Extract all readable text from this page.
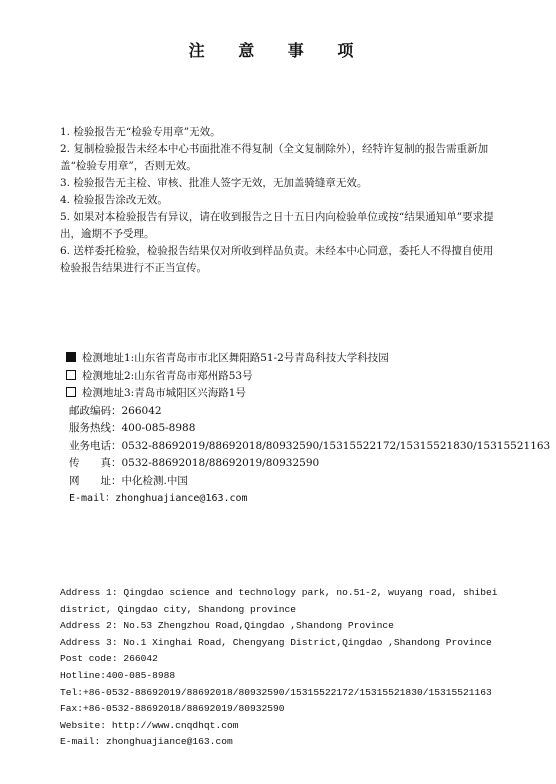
注 意 事 项

1. 检验报告无“检验专用章”无效。

2. 复制检验报告未经本中心书面批准不得复制（全文复制除外），经特许复制的报告需重新加盖“检验专用章”，否则无效。

3. 检验报告无主检、审核、批准人签字无效，无加盖骑缝章无效。

4. 检验报告涂改无效。

5. 如果对本检验报告有异议，请在收到报告之日十五日内向检验单位或按“结果通知单”要求提出，逾期不予受理。

6. 送样委托检验，检验报告结果仅对所收到样品负责。未经本中心同意，委托人不得擅自使用检验报告结果进行不正当宣传。

检测地址1:山东省青岛市市北区舞阳路51-2号青岛科技大学科技园
检测地址2:山东省青岛市郑州路53号
检测地址3:青岛市城阳区兴海路1号
邮政编码：266042
服务热线：400-085-8988
业务电话：0532-88692019/88692018/80932590/15315522172/15315521830/15315521163
传　　真：0532-88692018/88692019/80932590
网　　址：中化检测.中国
E-mail：zhonghuajiance@163.com
Address 1: Qingdao science and technology park, no.51-2, wuyang road, shibei
district, Qingdao city, Shandong province
Address 2: No.53 Zhengzhou Road,Qingdao ,Shandong Province
Address 3: No.1 Xinghai Road, Chengyang District,Qingdao ,Shandong Province
Post code: 266042
Hotline:400-085-8988
Tel:+86-0532-88692019/88692018/80932590/15315522172/15315521830/15315521163
Fax:+86-0532-88692018/88692019/80932590
Website: http://www.cnqdhqt.com
E-mail: zhonghuajiance@163.com
